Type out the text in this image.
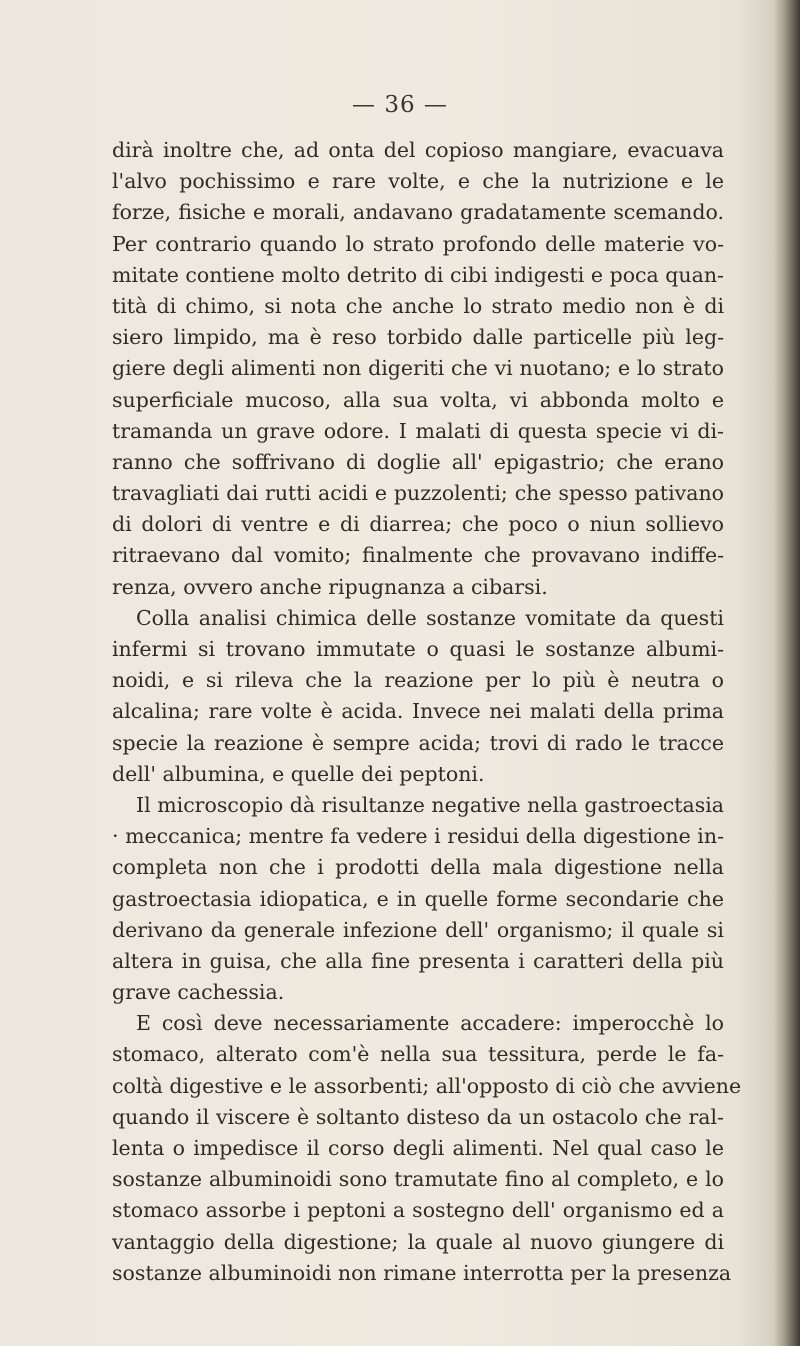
— 36 —
dirà inoltre che, ad onta del copioso mangiare, evacuava
l'alvo pochissimo e rare volte, e che la nutrizione e le
forze, fisiche e morali, andavano gradatamente scemando.
Per contrario quando lo strato profondo delle materie vo-
mitate contiene molto detrito di cibi indigesti e poca quan-
tità di chimo, si nota che anche lo strato medio non è di
siero limpido, ma è reso torbido dalle particelle più leg-
giere degli alimenti non digeriti che vi nuotano; e lo strato
superficiale mucoso, alla sua volta, vi abbonda molto e
tramanda un grave odore. I malati di questa specie vi di-
ranno che soffrivano di doglie all' epigastrio; che erano
travagliati dai rutti acidi e puzzolenti; che spesso pativano
di dolori di ventre e di diarrea; che poco o niun sollievo
ritraevano dal vomito; finalmente che provavano indiffe-
renza, ovvero anche ripugnanza a cibarsi.
Colla analisi chimica delle sostanze vomitate da questi
infermi si trovano immutate o quasi le sostanze albumi-
noidi, e si rileva che la reazione per lo più è neutra o
alcalina; rare volte è acida. Invece nei malati della prima
specie la reazione è sempre acida; trovi di rado le tracce
dell' albumina, e quelle dei peptoni.
Il microscopio dà risultanze negative nella gastroectasia
· meccanica; mentre fa vedere i residui della digestione in-
completa non che i prodotti della mala digestione nella
gastroectasia idiopatica, e in quelle forme secondarie che
derivano da generale infezione dell' organismo; il quale si
altera in guisa, che alla fine presenta i caratteri della più
grave cachessia.
E così deve necessariamente accadere: imperocchè lo
stomaco, alterato com'è nella sua tessitura, perde le fa-
coltà digestive e le assorbenti; all'opposto di ciò che avviene
quando il viscere è soltanto disteso da un ostacolo che ral-
lenta o impedisce il corso degli alimenti. Nel qual caso le
sostanze albuminoidi sono tramutate fino al completo, e lo
stomaco assorbe i peptoni a sostegno dell' organismo ed a
vantaggio della digestione; la quale al nuovo giungere di
sostanze albuminoidi non rimane interrotta per la presenza
